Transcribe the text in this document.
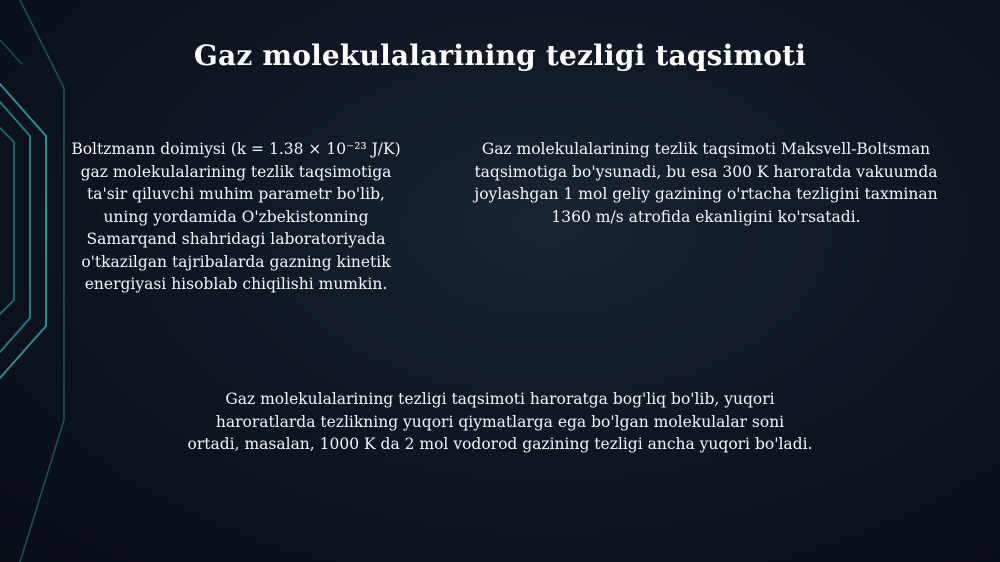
Gaz molekulalarining tezligi taqsimoti
Boltzmann doimiysi (k = 1.38 × 10⁻²³ J/K)
gaz molekulalarining tezlik taqsimotiga
ta'sir qiluvchi muhim parametr bo'lib,
uning yordamida O'zbekistonning
Samarqand shahridagi laboratoriyada
o'tkazilgan tajribalarda gazning kinetik
energiyasi hisoblab chiqilishi mumkin.
Gaz molekulalarining tezlik taqsimoti Maksvell-Boltsman
taqsimotiga bo'ysunadi, bu esa 300 K haroratda vakuumda
joylashgan 1 mol geliy gazining o'rtacha tezligini taxminan
1360 m/s atrofida ekanligini ko'rsatadi.
Gaz molekulalarining tezligi taqsimoti haroratga bog'liq bo'lib, yuqori
haroratlarda tezlikning yuqori qiymatlarga ega bo'lgan molekulalar soni
ortadi, masalan, 1000 K da 2 mol vodorod gazining tezligi ancha yuqori bo'ladi.
